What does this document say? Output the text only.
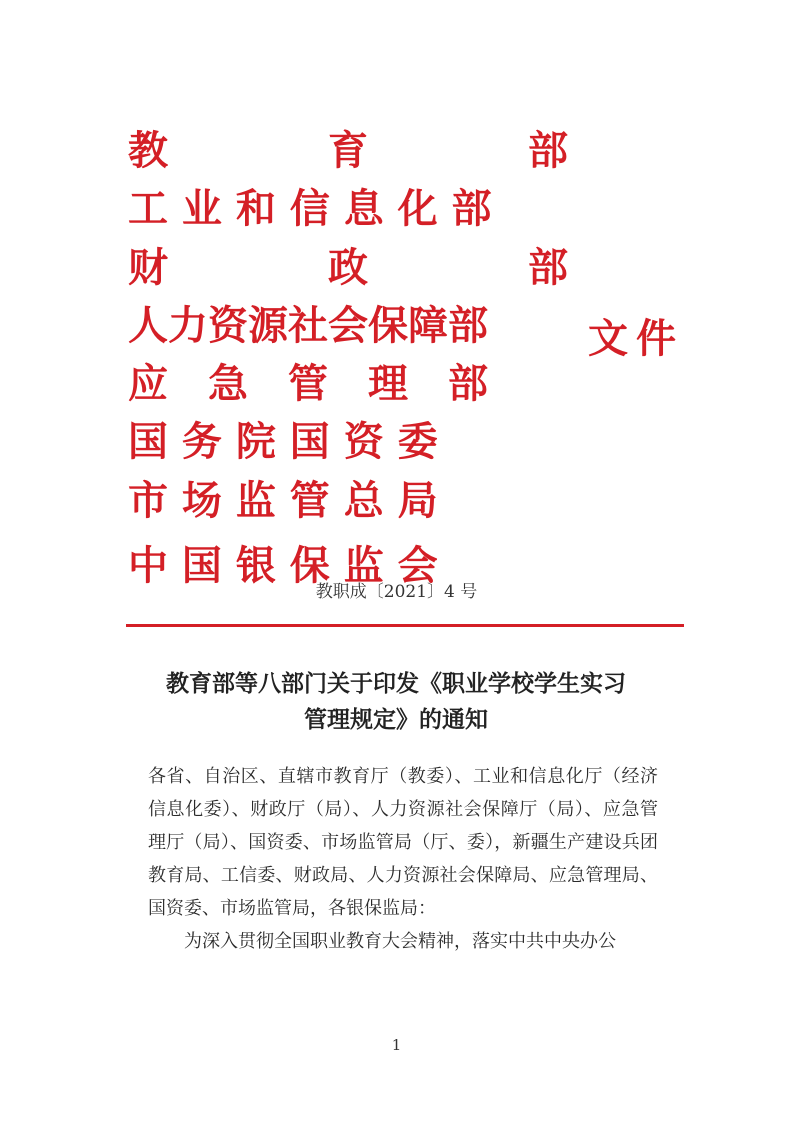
教　　　　育　　　　部
工 业 和 信 息 化 部
财　　　　政　　　　部
人力资源社会保障部
应　急　管　理　部
国 务 院 国 资 委
市 场 监 管 总 局
中 国 银 保 监 会
文件
教职成〔2021〕4 号
教育部等八部门关于印发《职业学校学生实习
管理规定》的通知

各省、自治区、直辖市教育厅（教委）、工业和信息化厅（经济信息化委）、财政厅（局）、人力资源社会保障厅（局）、应急管理厅（局）、国资委、市场监管局（厅、委），新疆生产建设兵团教育局、工信委、财政局、人力资源社会保障局、应急管理局、国资委、市场监管局，各银保监局：

为深入贯彻全国职业教育大会精神，落实中共中央办公

1
